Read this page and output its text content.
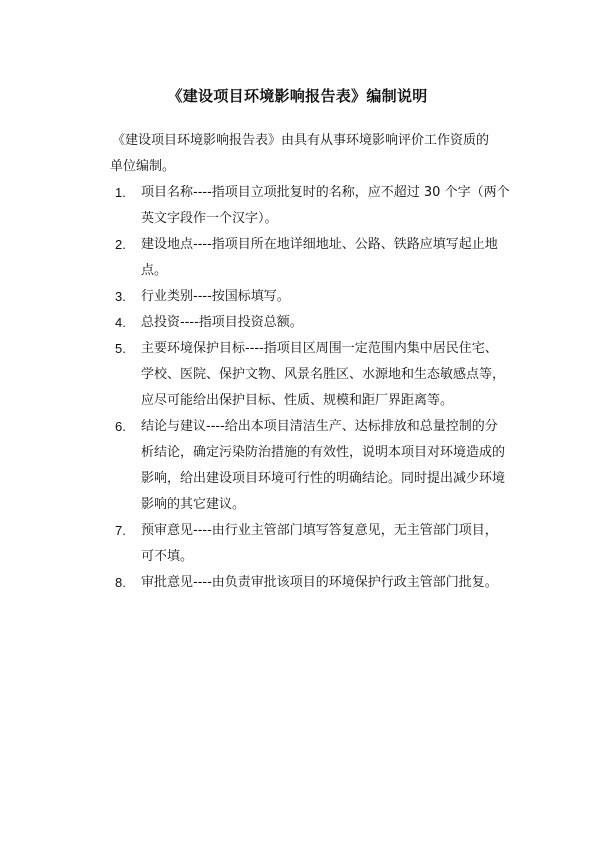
《建设项目环境影响报告表》编制说明

《建设项目环境影响报告表》由具有从事环境影响评价工作资质的
单位编制。

1.	项目名称----指项目立项批复时的名称，应不超过 30 个字（两个
英文字段作一个汉字）。
2.	建设地点----指项目所在地详细地址、公路、铁路应填写起止地
点。
3.	行业类别----按国标填写。
4.	总投资----指项目投资总额。
5.	主要环境保护目标----指项目区周围一定范围内集中居民住宅、
学校、医院、保护文物、风景名胜区、水源地和生态敏感点等，
应尽可能给出保护目标、性质、规模和距厂界距离等。
6.	结论与建议----给出本项目清洁生产、达标排放和总量控制的分
析结论，确定污染防治措施的有效性，说明本项目对环境造成的
影响，给出建设项目环境可行性的明确结论。同时提出减少环境
影响的其它建议。
7.	预审意见----由行业主管部门填写答复意见，无主管部门项目，
可不填。
8.	审批意见----由负责审批该项目的环境保护行政主管部门批复。
